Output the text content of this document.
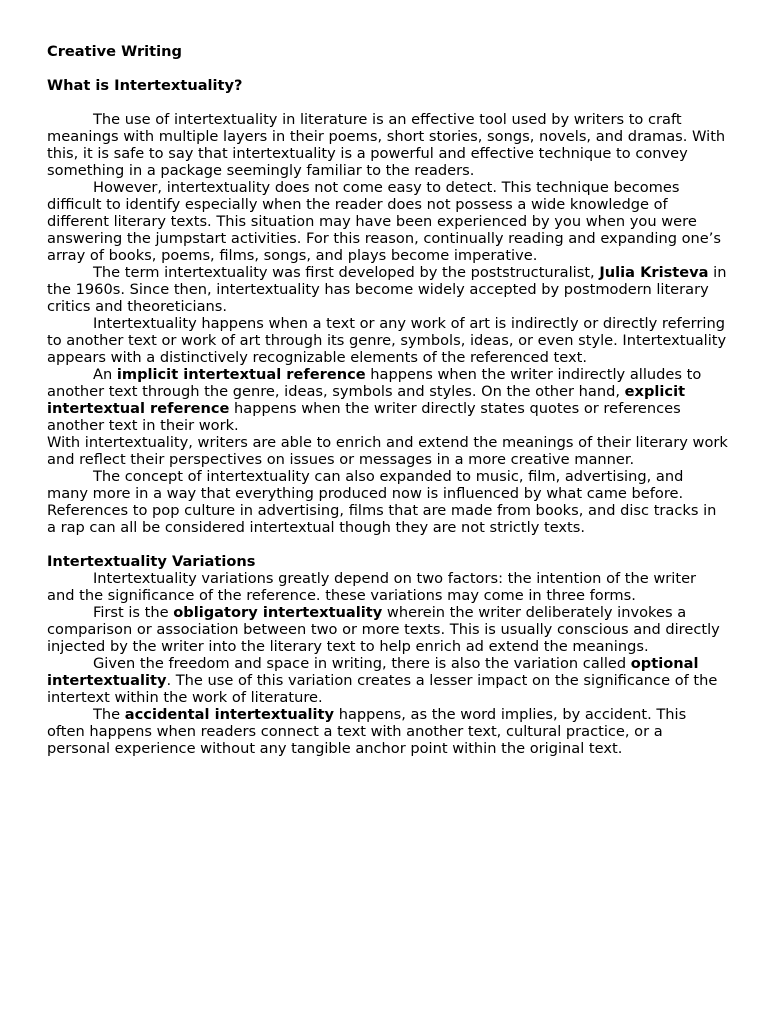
Creative Writing
What is Intertextuality?

The use of intertextuality in literature is an effective tool used by writers to craft meanings with multiple layers in their poems, short stories, songs, novels, and dramas. With this, it is safe to say that intertextuality is a powerful and effective technique to convey something in a package seemingly familiar to the readers.

However, intertextuality does not come easy to detect. This technique becomes difficult to identify especially when the reader does not possess a wide knowledge of different literary texts. This situation may have been experienced by you when you were answering the jumpstart activities. For this reason, continually reading and expanding one’s array of books, poems, films, songs, and plays become imperative.

The term intertextuality was first developed by the poststructuralist, Julia Kristeva in the 1960s. Since then, intertextuality has become widely accepted by postmodern literary critics and theoreticians.

Intertextuality happens when a text or any work of art is indirectly or directly referring to another text or work of art through its genre, symbols, ideas, or even style. Intertextuality appears with a distinctively recognizable elements of the referenced text.

An implicit intertextual reference happens when the writer indirectly alludes to another text through the genre, ideas, symbols and styles. On the other hand, explicit intertextual reference happens when the writer directly states quotes or references another text in their work.

With intertextuality, writers are able to enrich and extend the meanings of their literary work and reflect their perspectives on issues or messages in a more creative manner.

The concept of intertextuality can also expanded to music, film, advertising, and many more in a way that everything produced now is influenced by what came before. References to pop culture in advertising, films that are made from books, and disc tracks in a rap can all be considered intertextual though they are not strictly texts.

Intertextuality Variations

Intertextuality variations greatly depend on two factors: the intention of the writer and the significance of the reference. these variations may come in three forms.

First is the obligatory intertextuality wherein the writer deliberately invokes a comparison or association between two or more texts. This is usually conscious and directly injected by the writer into the literary text to help enrich ad extend the meanings.

Given the freedom and space in writing, there is also the variation called optional intertextuality. The use of this variation creates a lesser impact on the significance of the intertext within the work of literature.

The accidental intertextuality happens, as the word implies, by accident. This often happens when readers connect a text with another text, cultural practice, or a personal experience without any tangible anchor point within the original text.
